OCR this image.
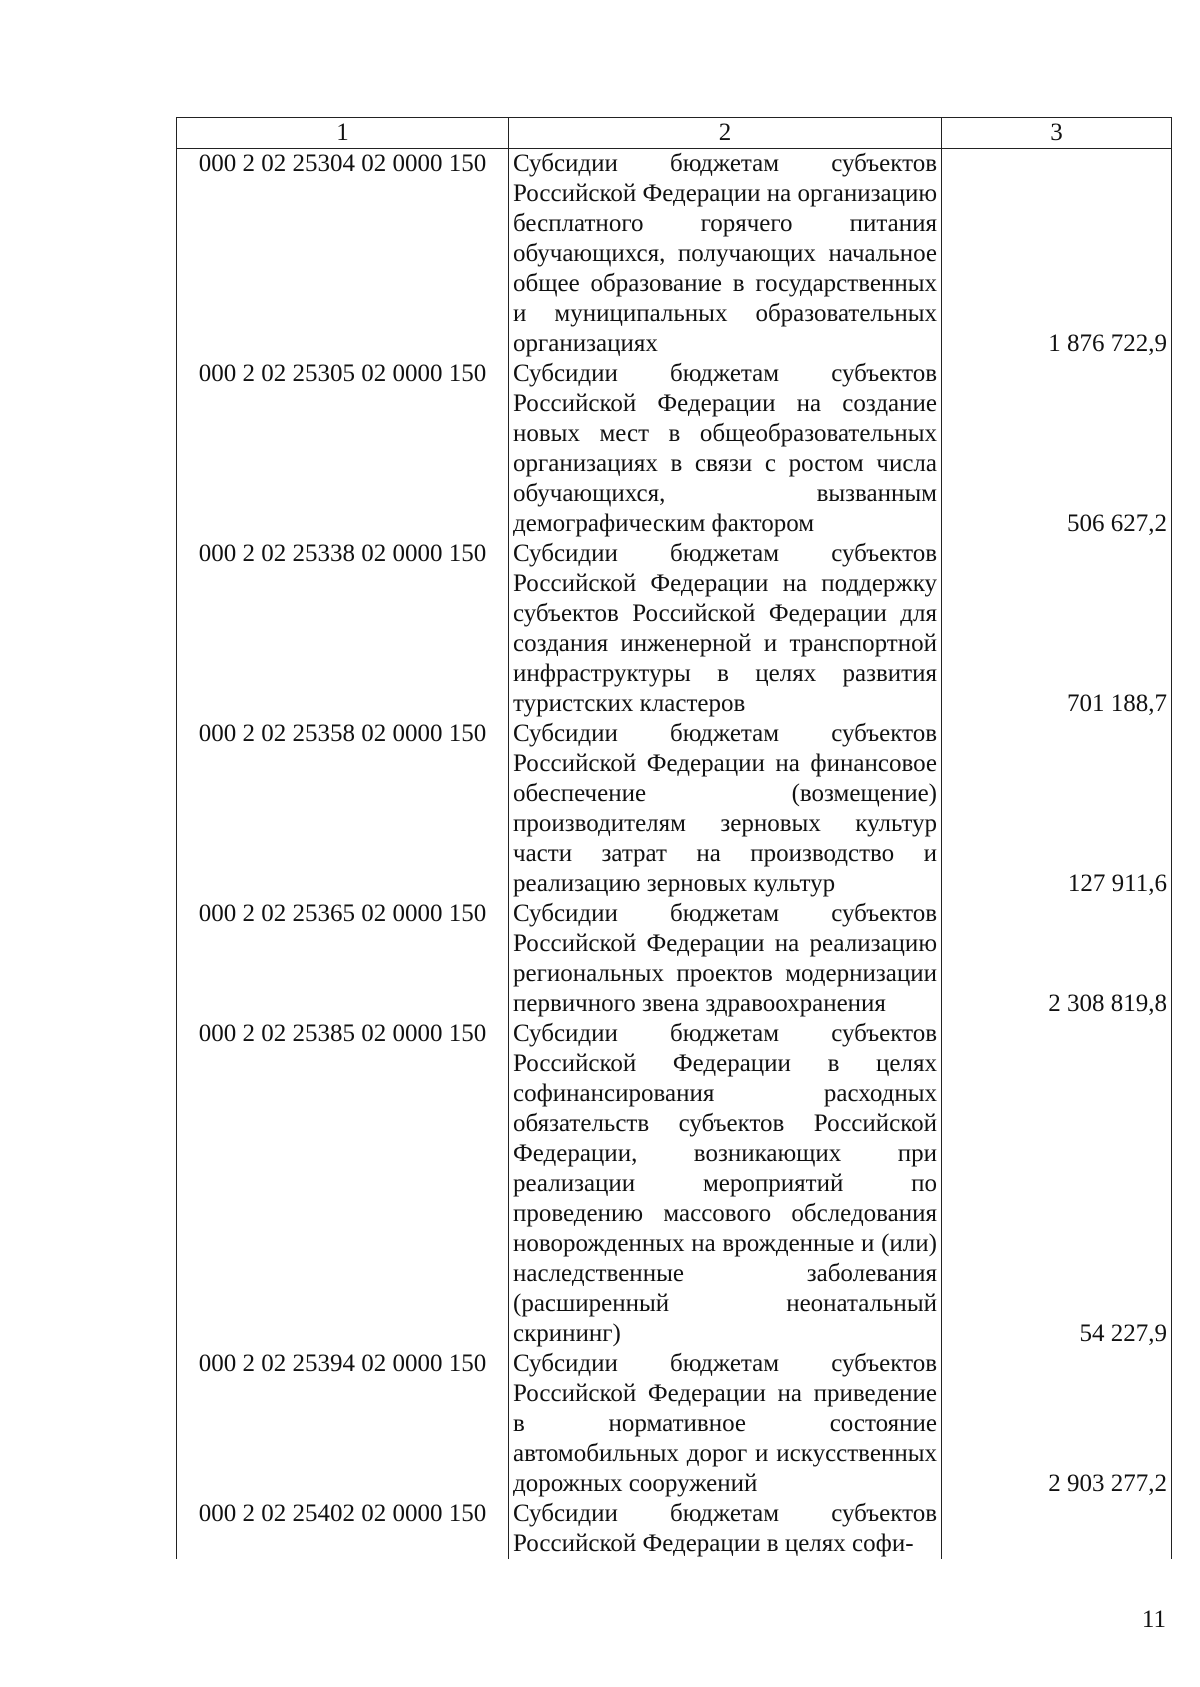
1	2	3
000 2 02 25304 02 0000 150	Субсидии бюджетам субъектов Российской Федерации на организацию бесплатного горячего питания обучающихся, получающих начальное общее образование в государственных и муниципальных образовательных организациях	1 876 722,9
000 2 02 25305 02 0000 150	Субсидии бюджетам субъектов Российской Федерации на создание новых мест в общеобразовательных организациях в связи с ростом числа обучающихся, вызванным демографическим фактором	506 627,2
000 2 02 25338 02 0000 150	Субсидии бюджетам субъектов Российской Федерации на поддержку субъектов Российской Федерации для создания инженерной и транспортной инфраструктуры в целях развития туристских кластеров	701 188,7
000 2 02 25358 02 0000 150	Субсидии бюджетам субъектов Российской Федерации на финансовое обеспечение (возмещение) производителям зерновых культур части затрат на производство и реализацию зерновых культур	127 911,6
000 2 02 25365 02 0000 150	Субсидии бюджетам субъектов Российской Федерации на реализацию региональных проектов модернизации первичного звена здравоохранения	2 308 819,8
000 2 02 25385 02 0000 150	Субсидии бюджетам субъектов Российской Федерации в целях софинансирования расходных обязательств субъектов Российской Федерации, возникающих при реализации мероприятий по проведению массового обследования новорожденных на врожденные и (или) наследственные заболевания (расширенный неонатальный скрининг)	54 227,9
000 2 02 25394 02 0000 150	Субсидии бюджетам субъектов Российской Федерации на приведение в нормативное состояние автомобильных дорог и искусственных дорожных сооружений	2 903 277,2
000 2 02 25402 02 0000 150	Субсидии бюджетам субъектов Российской Федерации в целях софи-	
11
